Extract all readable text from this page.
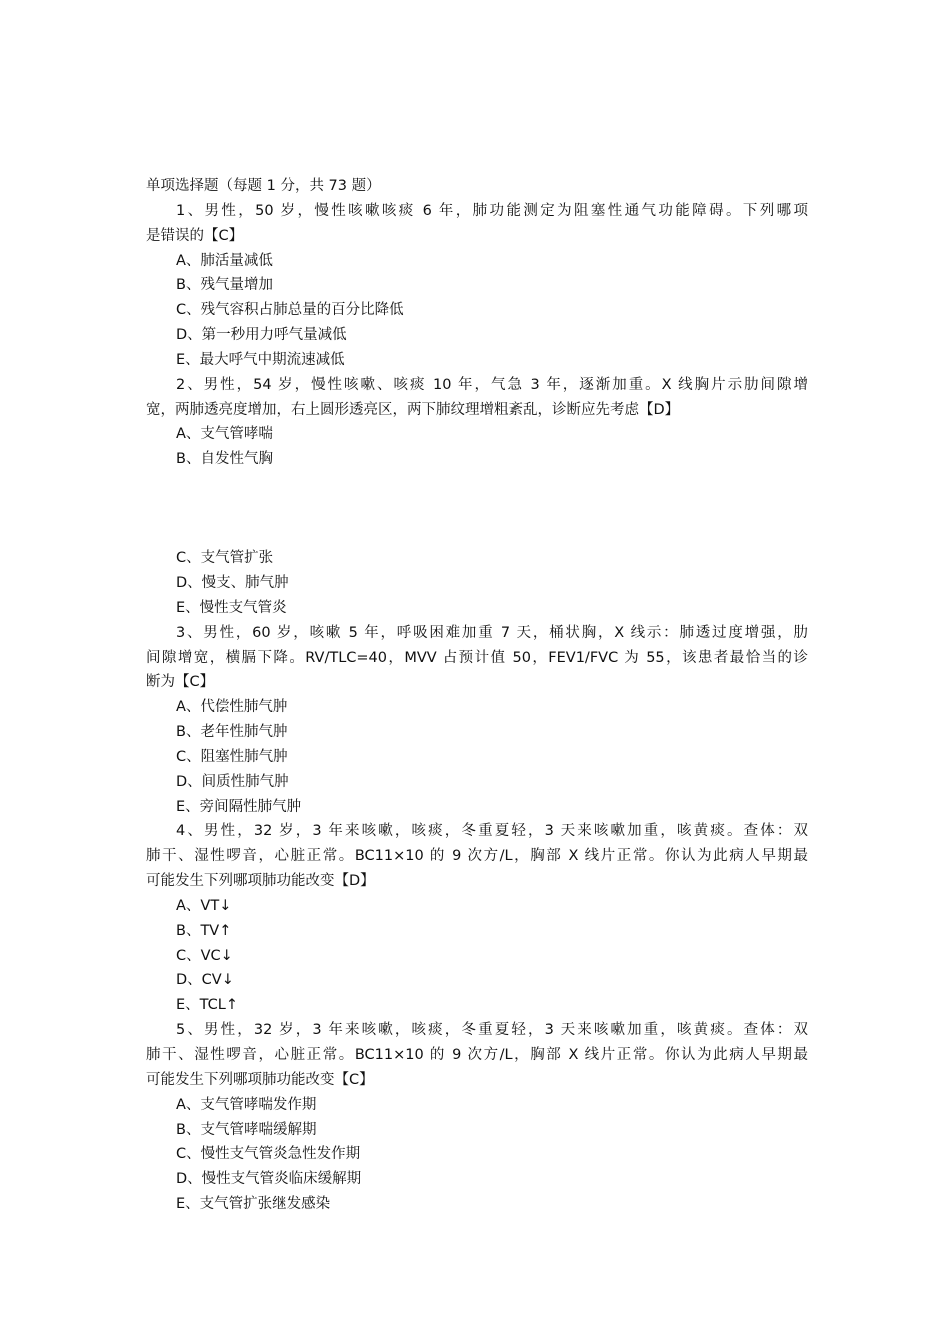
单项选择题（每题 1 分，共 73 题）
1、男性，50 岁，慢性咳嗽咳痰 6 年，肺功能测定为阻塞性通气功能障碍。下列哪项
是错误的【C】
A、肺活量减低
B、残气量增加
C、残气容积占肺总量的百分比降低
D、第一秒用力呼气量减低
E、最大呼气中期流速减低
2、男性，54 岁，慢性咳嗽、咳痰 10 年，气急 3 年，逐渐加重。X 线胸片示肋间隙增
宽，两肺透亮度增加，右上圆形透亮区，两下肺纹理增粗紊乱，诊断应先考虑【D】
A、支气管哮喘
B、自发性气胸
C、支气管扩张
D、慢支、肺气肿
E、慢性支气管炎
3、男性，60 岁，咳嗽 5 年，呼吸困难加重 7 天，桶状胸，X 线示：肺透过度增强，肋
间隙增宽，横膈下降。RV/TLC=40，MVV 占预计值 50，FEV1/FVC 为 55，该患者最恰当的诊
断为【C】
A、代偿性肺气肿
B、老年性肺气肿
C、阻塞性肺气肿
D、间质性肺气肿
E、旁间隔性肺气肿
4、男性，32 岁，3 年来咳嗽，咳痰，冬重夏轻，3 天来咳嗽加重，咳黄痰。查体：双
肺干、湿性啰音，心脏正常。BC11×10 的 9 次方/L，胸部 X 线片正常。你认为此病人早期最
可能发生下列哪项肺功能改变【D】
A、VT↓
B、TV↑
C、VC↓
D、CV↓
E、TCL↑
5、男性，32 岁，3 年来咳嗽，咳痰，冬重夏轻，3 天来咳嗽加重，咳黄痰。查体：双
肺干、湿性啰音，心脏正常。BC11×10 的 9 次方/L，胸部 X 线片正常。你认为此病人早期最
可能发生下列哪项肺功能改变【C】
A、支气管哮喘发作期
B、支气管哮喘缓解期
C、慢性支气管炎急性发作期
D、慢性支气管炎临床缓解期
E、支气管扩张继发感染
